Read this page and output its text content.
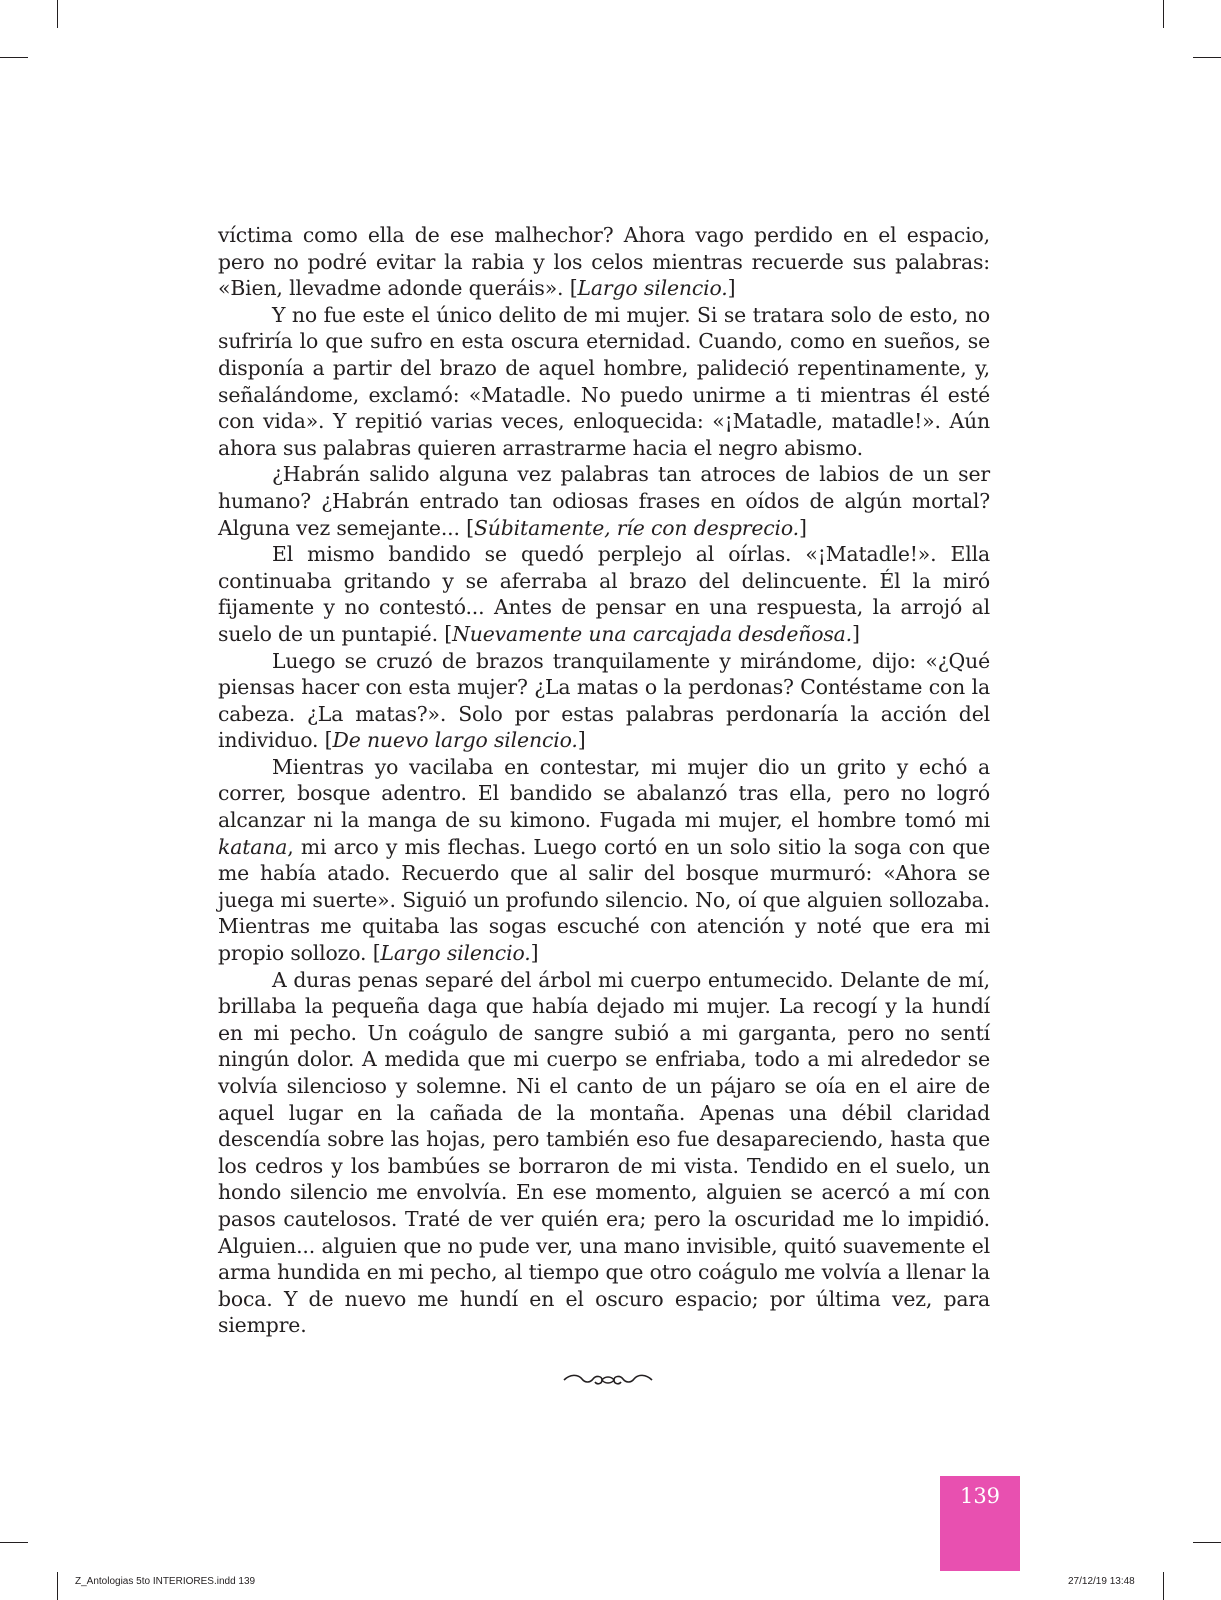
víctima como ella de ese malhechor? Ahora vago perdido en el espacio, pero no podré evitar la rabia y los celos mientras recuerde sus palabras: «Bien, llevadme adonde queráis». [Largo silencio.]

Y no fue este el único delito de mi mujer. Si se tratara solo de esto, no sufriría lo que sufro en esta oscura eternidad. Cuando, como en sueños, se disponía a partir del brazo de aquel hombre, palideció repentinamente, y, señalándome, exclamó: «Matadle. No puedo unirme a ti mientras él esté con vida». Y repitió varias veces, enloquecida: «¡Matadle, matadle!». Aún ahora sus palabras quieren arrastrarme hacia el negro abismo.

¿Habrán salido alguna vez palabras tan atroces de labios de un ser humano? ¿Habrán entrado tan odiosas frases en oídos de algún mortal? Alguna vez semejante... [Súbitamente, ríe con desprecio.]

El mismo bandido se quedó perplejo al oírlas. «¡Matadle!». Ella continuaba gritando y se aferraba al brazo del delincuente. Él la miró fijamente y no contestó... Antes de pensar en una respuesta, la arrojó al suelo de un puntapié. [Nuevamente una carcajada desdeñosa.]

Luego se cruzó de brazos tranquilamente y mirándome, dijo: «¿Qué piensas hacer con esta mujer? ¿La matas o la perdonas? Contéstame con la cabeza. ¿La matas?». Solo por estas palabras perdonaría la acción del individuo. [De nuevo largo silencio.]

Mientras yo vacilaba en contestar, mi mujer dio un grito y echó a correr, bosque adentro. El bandido se abalanzó tras ella, pero no logró alcanzar ni la manga de su kimono. Fugada mi mujer, el hombre tomó mi katana, mi arco y mis flechas. Luego cortó en un solo sitio la soga con que me había atado. Recuerdo que al salir del bosque murmuró: «Ahora se juega mi suerte». Siguió un profundo silencio. No, oí que alguien sollozaba. Mientras me quitaba las sogas escuché con atención y noté que era mi propio sollozo. [Largo silencio.]

A duras penas separé del árbol mi cuerpo entumecido. Delante de mí, brillaba la pequeña daga que había dejado mi mujer. La recogí y la hundí en mi pecho. Un coágulo de sangre subió a mi garganta, pero no sentí ningún dolor. A medida que mi cuerpo se enfriaba, todo a mi alrededor se volvía silencioso y solemne. Ni el canto de un pájaro se oía en el aire de aquel lugar en la cañada de la montaña. Apenas una débil claridad descendía sobre las hojas, pero también eso fue desapareciendo, hasta que los cedros y los bambúes se borraron de mi vista. Tendido en el suelo, un hondo silencio me envolvía. En ese momento, alguien se acercó a mí con pasos cautelosos. Traté de ver quién era; pero la oscuridad me lo impidió. Alguien... alguien que no pude ver, una mano invisible, quitó suavemente el arma hundida en mi pecho, al tiempo que otro coágulo me volvía a llenar la boca. Y de nuevo me hundí en el oscuro espacio; por última vez, para siempre.

139
Z_Antologias 5to INTERIORES.indd 139	27/12/19 13:48
